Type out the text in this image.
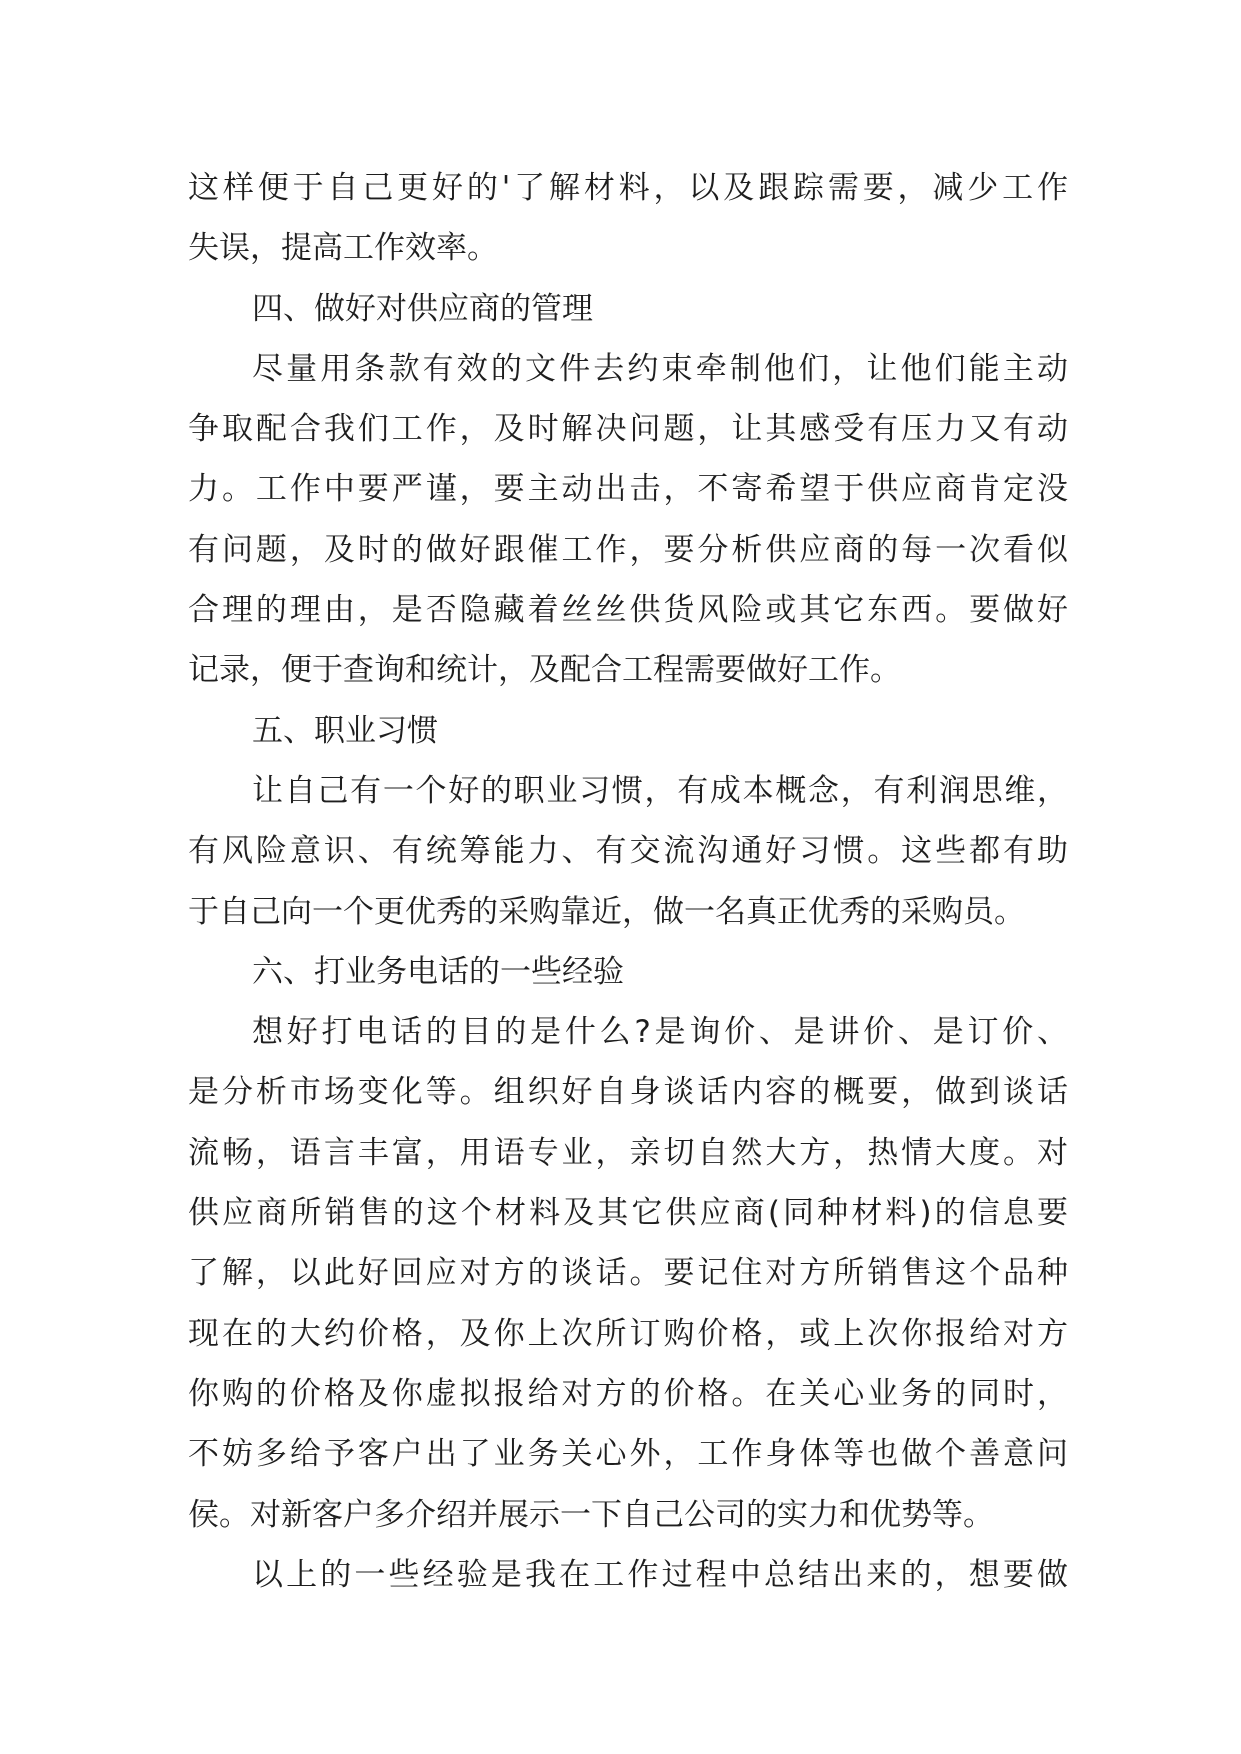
这样便于自己更好的'了解材料，以及跟踪需要，减少工作
失误，提高工作效率。
四、做好对供应商的管理
尽量用条款有效的文件去约束牵制他们，让他们能主动
争取配合我们工作，及时解决问题，让其感受有压力又有动
力。工作中要严谨，要主动出击，不寄希望于供应商肯定没
有问题，及时的做好跟催工作，要分析供应商的每一次看似
合理的理由，是否隐藏着丝丝供货风险或其它东西。要做好
记录，便于查询和统计，及配合工程需要做好工作。
五、职业习惯
让自己有一个好的职业习惯，有成本概念，有利润思维，
有风险意识、有统筹能力、有交流沟通好习惯。这些都有助
于自己向一个更优秀的采购靠近，做一名真正优秀的采购员。
六、打业务电话的一些经验
想好打电话的目的是什么?是询价、是讲价、是订价、
是分析市场变化等。组织好自身谈话内容的概要，做到谈话
流畅，语言丰富，用语专业，亲切自然大方，热情大度。对
供应商所销售的这个材料及其它供应商(同种材料)的信息要
了解，以此好回应对方的谈话。要记住对方所销售这个品种
现在的大约价格，及你上次所订购价格，或上次你报给对方
你购的价格及你虚拟报给对方的价格。在关心业务的同时，
不妨多给予客户出了业务关心外，工作身体等也做个善意问
侯。对新客户多介绍并展示一下自己公司的实力和优势等。
以上的一些经验是我在工作过程中总结出来的，想要做
